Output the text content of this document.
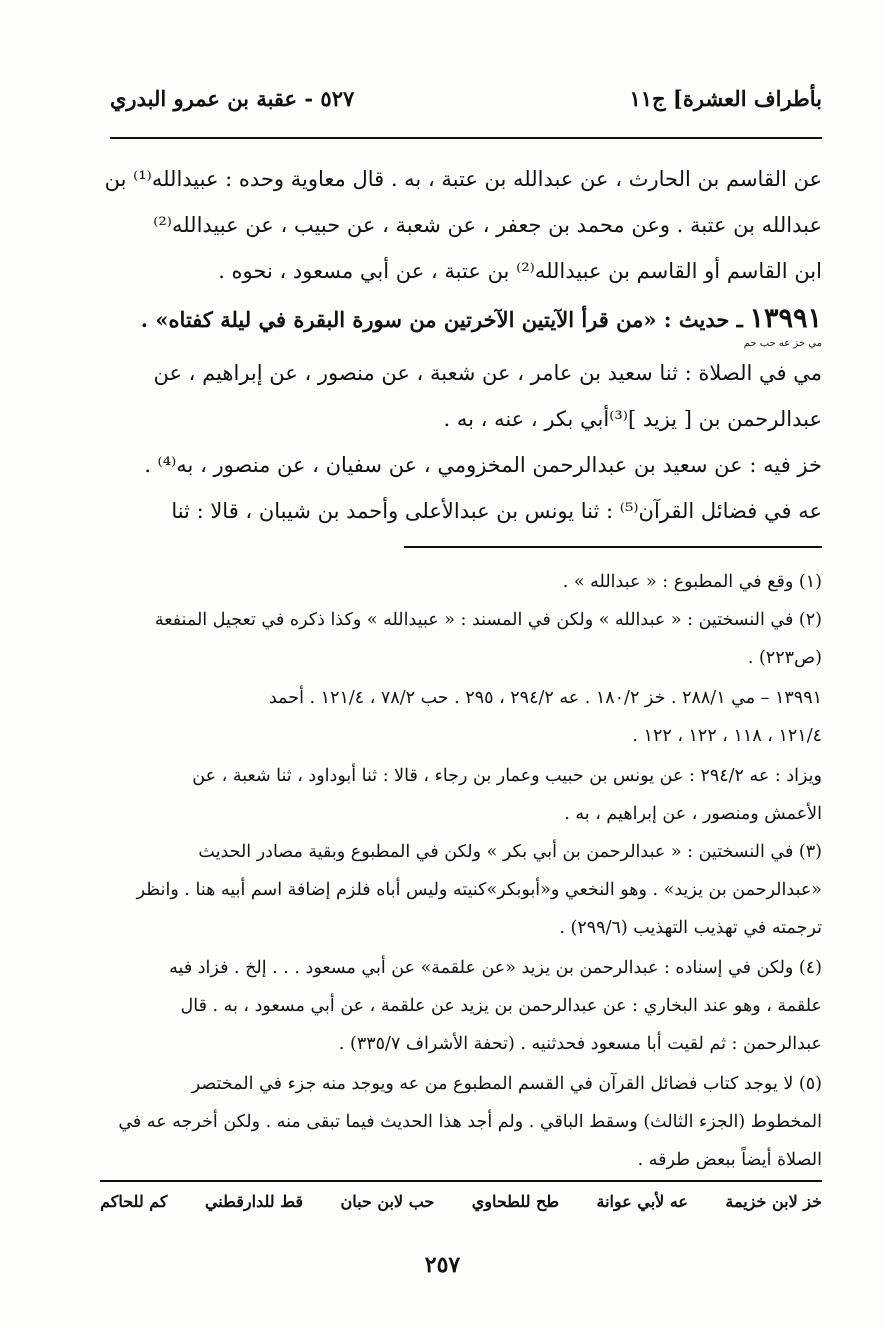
بأطراف العشرة] ج١١
٥٢٧ - عقبة بن عمرو البدري
عن القاسم بن الحارث ، عن عبدالله بن عتبة ، به . قال معاوية وحده : عبيدالله⁽¹⁾ بن
عبدالله بن عتبة . وعن محمد بن جعفر ، عن شعبة ، عن حبيب ، عن عبيدالله⁽²⁾
ابن القاسم أو القاسم بن عبيدالله⁽²⁾ بن عتبة ، عن أبي مسعود ، نحوه .
١٣٩٩١ ـ حديث : «من قرأ الآيتين الآخرتين من سورة البقرة في ليلة كفتاه» .
مي خز عه حب حم
مي في الصلاة : ثنا سعيد بن عامر ، عن شعبة ، عن منصور ، عن إبراهيم ، عن
عبدالرحمن بن [ يزيد ]⁽³⁾أبي بكر ، عنه ، به .
خز فيه : عن سعيد بن عبدالرحمن المخزومي ، عن سفيان ، عن منصور ، به⁽⁴⁾ .
عه في فضائل القرآن⁽⁵⁾ : ثنا يونس بن عبدالأعلى وأحمد بن شيبان ، قالا : ثنا
(١) وقع في المطبوع : « عبدالله » .
(٢) في النسختين : « عبدالله » ولكن في المسند : « عبيدالله » وكذا ذكره في تعجيل المنفعة
(ص٢٢٣) .
١٣٩٩١ – مي ٢٨٨/١ . خز ١٨٠/٢ . عه ٢٩٤/٢ ، ٢٩٥ . حب ٧٨/٢ ، ١٢١/٤ . أحمد
١٢١/٤ ، ١١٨ ، ١٢٢ ، ١٢٢ .
ويزاد : عه ٢٩٤/٢ : عن يونس بن حبيب وعمار بن رجاء ، قالا : ثنا أبوداود ، ثنا شعبة ، عن
الأعمش ومنصور ، عن إبراهيم ، به .
(٣) في النسختين : « عبدالرحمن بن أبي بكر » ولكن في المطبوع وبقية مصادر الحديث
«عبدالرحمن بن يزيد» . وهو النخعي و«أبوبكر»كنيته وليس أباه فلزم إضافة اسم أبيه هنا . وانظر
ترجمته في تهذيب التهذيب (٢٩٩/٦) .
(٤) ولكن في إسناده : عبدالرحمن بن يزيد «عن علقمة» عن أبي مسعود . . . إلخ . فزاد فيه
علقمة ، وهو عند البخاري : عن عبدالرحمن بن يزيد عن علقمة ، عن أبي مسعود ، به . قال
عبدالرحمن : ثم لقيت أبا مسعود فحدثنيه . (تحفة الأشراف ٣٣٥/٧) .
(٥) لا يوجد كتاب فضائل القرآن في القسم المطبوع من عه ويوجد منه جزء في المختصر
المخطوط (الجزء الثالث) وسقط الباقي . ولم أجد هذا الحديث فيما تبقى منه . ولكن أخرجه عه في
الصلاة أيضاً ببعض طرقه .
خز لابن خزيمة
عه لأبي عوانة
طح للطحاوي
حب لابن حبان
قط للدارقطني
كم للحاكم
٢٥٧
